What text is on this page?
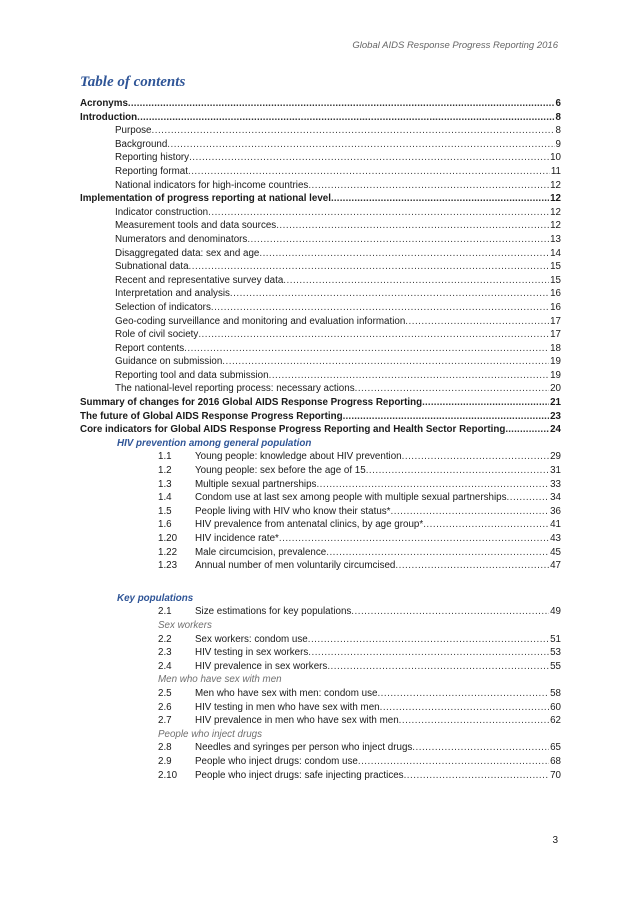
Global AIDS Response Progress Reporting 2016
Table of contents
Acronyms .....	6
Introduction .....	8
Purpose .....	8
Background .....	9
Reporting history .....	10
Reporting format .....	11
National indicators for high-income countries .....	12
Implementation of progress reporting at national level .....	12
Indicator construction .....	12
Measurement tools and data sources .....	12
Numerators and denominators .....	13
Disaggregated data: sex and age .....	14
Subnational data .....	15
Recent and representative survey data .....	15
Interpretation and analysis .....	16
Selection of indicators .....	16
Geo-coding surveillance and monitoring and evaluation information .....	17
Role of civil society .....	17
Report contents .....	18
Guidance on submission .....	19
Reporting tool and data submission .....	19
The national-level reporting process: necessary actions .....	20
Summary of changes for 2016 Global AIDS Response Progress Reporting .....	21
The future of Global AIDS Response Progress Reporting .....	23
Core indicators for Global AIDS Response Progress Reporting and Health Sector Reporting .....	24
HIV prevention among general population
1.1	Young people: knowledge about HIV prevention .....	29
1.2	Young people: sex before the age of 15 .....	31
1.3	Multiple sexual partnerships .....	33
1.4	Condom use at last sex among people with multiple sexual partnerships .....	34
1.5	People living with HIV who know their status* .....	36
1.6	HIV prevalence from antenatal clinics, by age group* .....	41
1.20	HIV incidence rate* .....	43
1.22	Male circumcision, prevalence .....	45
1.23	Annual number of men voluntarily circumcised .....	47
Key populations
2.1	Size estimations for key populations .....	49
Sex workers
2.2	Sex workers: condom use .....	51
2.3	HIV testing in sex workers .....	53
2.4	HIV prevalence in sex workers .....	55
Men who have sex with men
2.5	Men who have sex with men: condom use .....	58
2.6	HIV testing in men who have sex with men .....	60
2.7	HIV prevalence in men who have sex with men .....	62
People who inject drugs
2.8	Needles and syringes per person who inject drugs .....	65
2.9	People who inject drugs: condom use .....	68
2.10	People who inject drugs: safe injecting practices .....	70
3
